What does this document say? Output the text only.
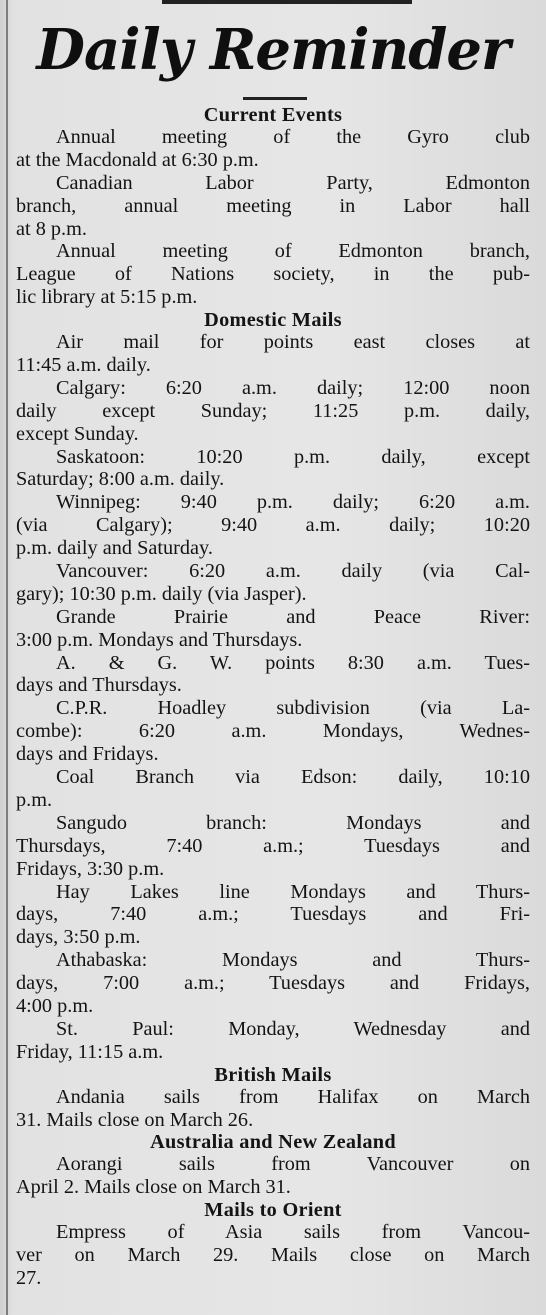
Daily Reminder
Current Events
Annual meeting of the Gyro club
at the Macdonald at 6:30 p.m.
Canadian Labor Party, Edmonton
branch, annual meeting in Labor hall
at 8 p.m.
Annual meeting of Edmonton branch,
League of Nations society, in the pub-
lic library at 5:15 p.m.
Domestic Mails
Air mail for points east closes at
11:45 a.m. daily.
Calgary: 6:20 a.m. daily; 12:00 noon
daily except Sunday; 11:25 p.m. daily,
except Sunday.
Saskatoon: 10:20 p.m. daily, except
Saturday; 8:00 a.m. daily.
Winnipeg: 9:40 p.m. daily; 6:20 a.m.
(via Calgary); 9:40 a.m. daily; 10:20
p.m. daily and Saturday.
Vancouver: 6:20 a.m. daily (via Cal-
gary); 10:30 p.m. daily (via Jasper).
Grande Prairie and Peace River:
3:00 p.m. Mondays and Thursdays.
A. & G. W. points 8:30 a.m. Tues-
days and Thursdays.
C.P.R. Hoadley subdivision (via La-
combe): 6:20 a.m. Mondays, Wednes-
days and Fridays.
Coal Branch via Edson: daily, 10:10
p.m.
Sangudo branch: Mondays and
Thursdays, 7:40 a.m.; Tuesdays and
Fridays, 3:30 p.m.
Hay Lakes line Mondays and Thurs-
days, 7:40 a.m.; Tuesdays and Fri-
days, 3:50 p.m.
Athabaska: Mondays and Thurs-
days, 7:00 a.m.; Tuesdays and Fridays,
4:00 p.m.
St. Paul: Monday, Wednesday and
Friday, 11:15 a.m.
British Mails
Andania sails from Halifax on March
31. Mails close on March 26.
Australia and New Zealand
Aorangi sails from Vancouver on
April 2. Mails close on March 31.
Mails to Orient
Empress of Asia sails from Vancou-
ver on March 29. Mails close on March
27.
